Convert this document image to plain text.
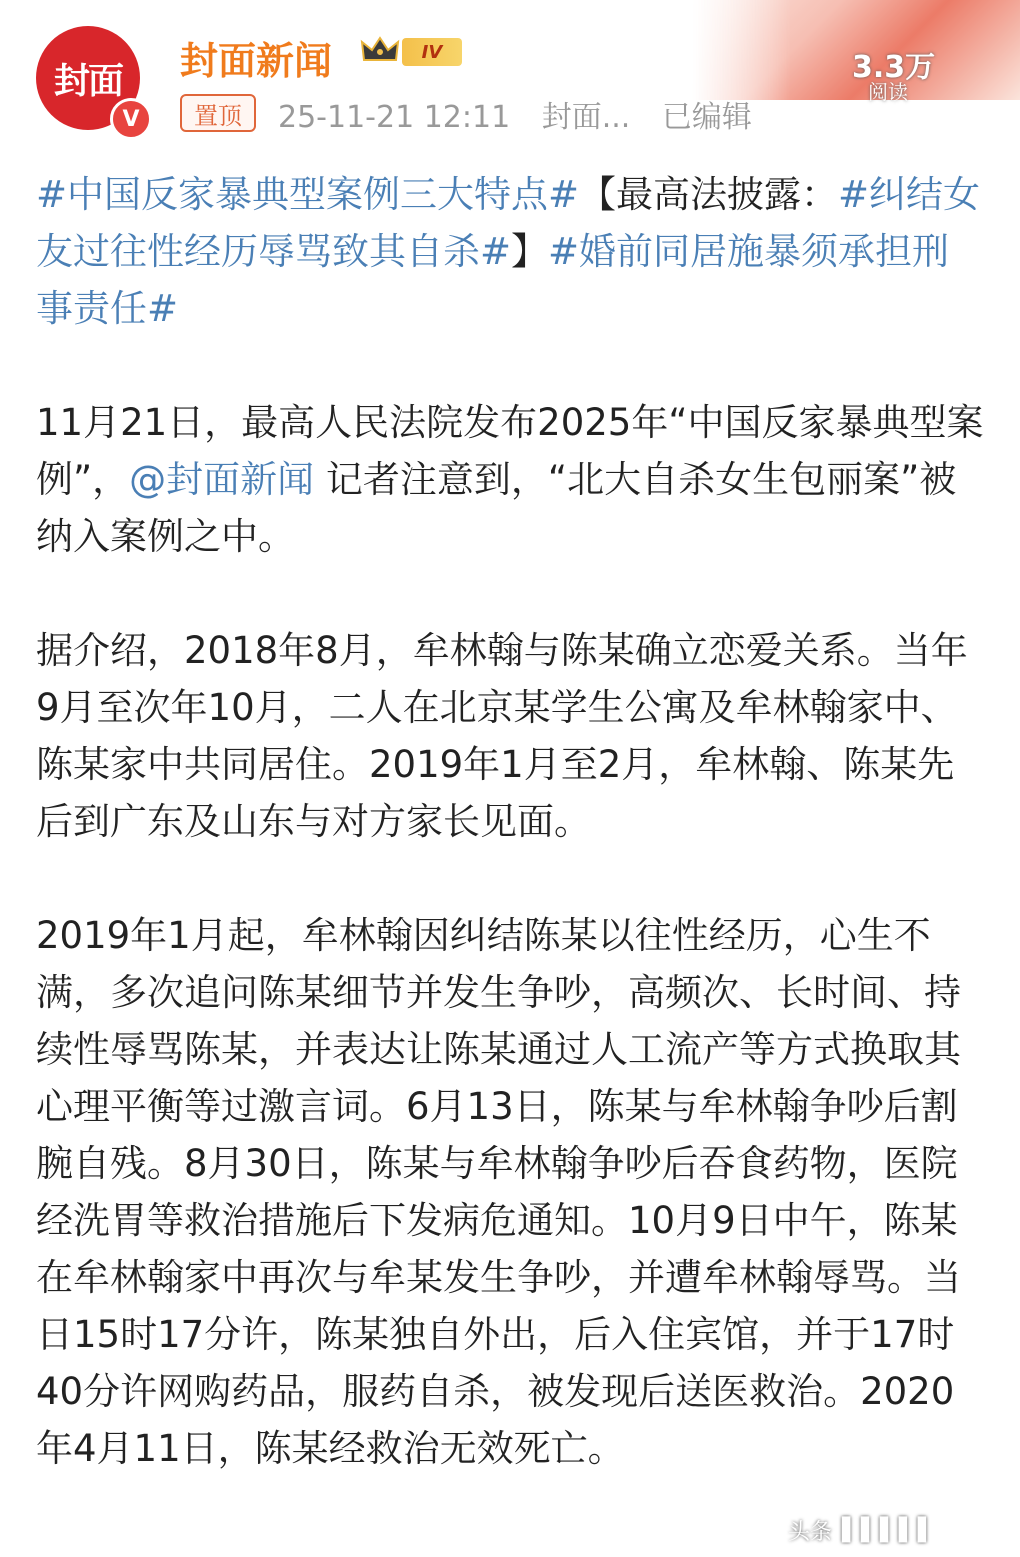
3.3万
阅读
封面
V
封面新闻	IV
置顶	25-11-21 12:11 封面... 已编辑

#中国反家暴典型案例三大特点#【最高法披露：#纠结女友过往性经历辱骂致其自杀#】#婚前同居施暴须承担刑事责任#

11月21日，最高人民法院发布2025年“中国反家暴典型案例”，@封面新闻 记者注意到，“北大自杀女生包丽案”被纳入案例之中。

据介绍，2018年8月，牟林翰与陈某确立恋爱关系。当年9月至次年10月，二人在北京某学生公寓及牟林翰家中、陈某家中共同居住。2019年1月至2月，牟林翰、陈某先后到广东及山东与对方家长见面。

2019年1月起，牟林翰因纠结陈某以往性经历，心生不满，多次追问陈某细节并发生争吵，高频次、长时间、持续性辱骂陈某，并表达让陈某通过人工流产等方式换取其心理平衡等过激言词。6月13日，陈某与牟林翰争吵后割腕自残。8月30日，陈某与牟林翰争吵后吞食药物，医院经洗胃等救治措施后下发病危通知。10月9日中午，陈某在牟林翰家中再次与牟某发生争吵，并遭牟林翰辱骂。当日15时17分许，陈某独自外出，后入住宾馆，并于17时40分许网购药品，服药自杀，被发现后送医救治。2020年4月11日，陈某经救治无效死亡。

头条 ▌▌▌▌▌
